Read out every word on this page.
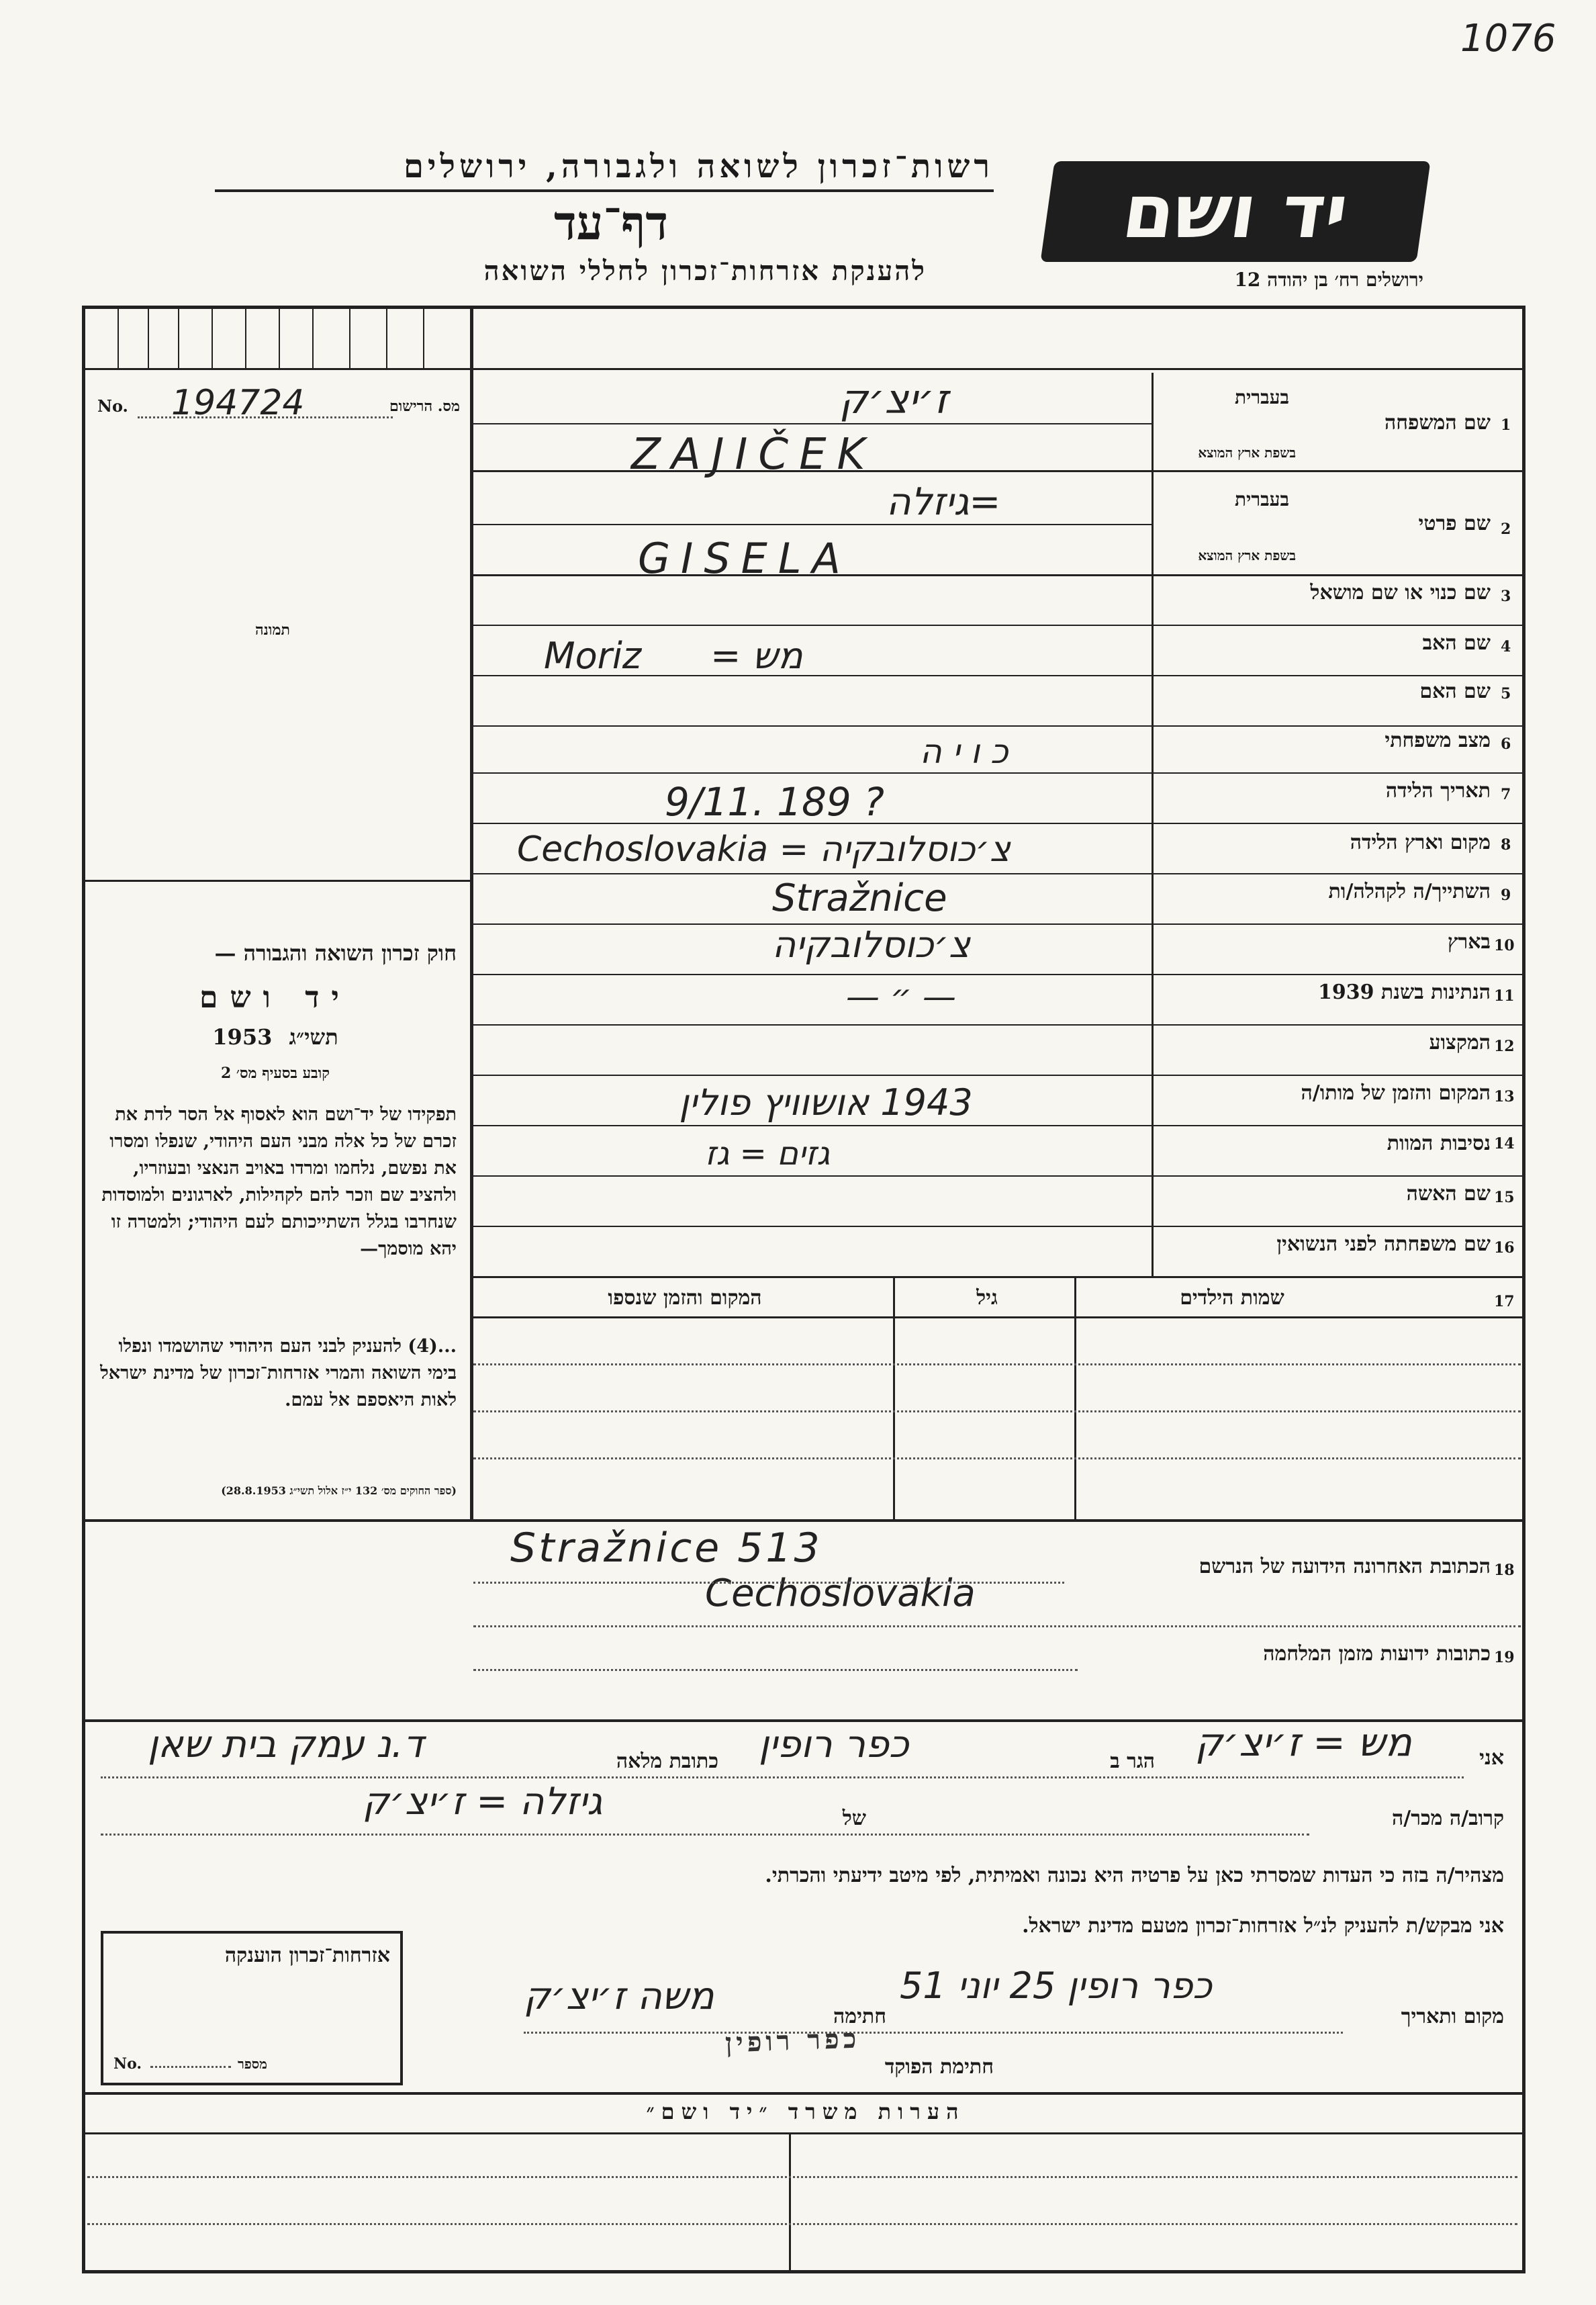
1076
רשות־זכרון לשואה ולגבורה, ירושלים
דף־עד
להענקת אזרחות־זכרון לחללי השואה
יד ושם
ירושלים רח׳ בן יהודה 12
No. 194724	מס. הרישום
תמונה
חוק זכרון השואה והגבורה —
יד ושם
תשי״ג 1953
קובע בסעיף מס׳ 2
תפקידו של יד־ושם הוא לאסוף אל הסר לדת את זכרם של כל אלה מבני העם היהודי, שנפלו ומסרו את נפשם, נלחמו ומרדו באויב הנאצי ובעוזריו, ולהציב שם וזכר להם לקהילות, לארגונים ולמוסדות שנחרבו בגלל השתייכותם לעם היהודי; ולמטרה זו יהא מוסמך—
...(4) להעניק לבני העם היהודי שהושמדו ונפלו בימי השואה והמרי אזרחות־זכרון של מדינת ישראל לאות היאספם אל עמם.
(ספר החוקים מס׳ 132 י״ז אלול תשי״ג 28.8.1953)
1
בעברית
שם המשפחה
בשפת ארץ המוצא
ז׳יצ׳ק
ZAJIČEK
2
בעברית
שם פרטי
בשפת ארץ המוצא
=גיזלה
GISELA
3
שם כנוי או שם מושאל
4
שם האב
Moriz      = מש
5
שם האם
6
מצב משפחתי
כ ו י ה
7
תאריך הלידה
9/11. 189 ?
8
מקום וארץ הלידה
Cechoslovakia = צ׳כוסלובקיה
9
השתייך/ה לקהלה/ות
Stražnice
10
בארץ
צ׳כוסלובקיה
11
הנתינות בשנת 1939
— ״ —
12
המקצוע
13
המקום והזמן של מותו/ה
1943 אושוויץ פולין
14
נסיבות המוות
גזים = גז
15
שם האשה
16
שם משפחתה לפני הנשואין
17
שמות הילדים
גיל
המקום והזמן שנספו
18
הכתובת האחרונה הידועה של הנרשם
Stražnice 513
Cechoslovakia
19
כתובות ידועות מזמן המלחמה
אני
מש = ז׳יצ׳ק
הגר ב
כפר רופין
כתובת מלאה
ד.נ עמק בית שאן
קרוב/ה מכר/ה
של
גיזלה = ז׳יצ׳ק
מצהיר/ה בזה כי העדות שמסרתי כאן על פרטיה היא נכונה ואמיתית, לפי מיטב ידיעתי והכרתי.
אני מבקש/ת להעניק לנ״ל אזרחות־זכרון מטעם מדינת ישראל.
מקום ותאריך
כפר רופין 25 יוני 51
חתימה
משה ז׳יצ׳ק
חתימת הפוקד
כפר רופין
אזרחות־זכרון הוענקה
No.	מספר
הערות משרד ״יד ושם״
